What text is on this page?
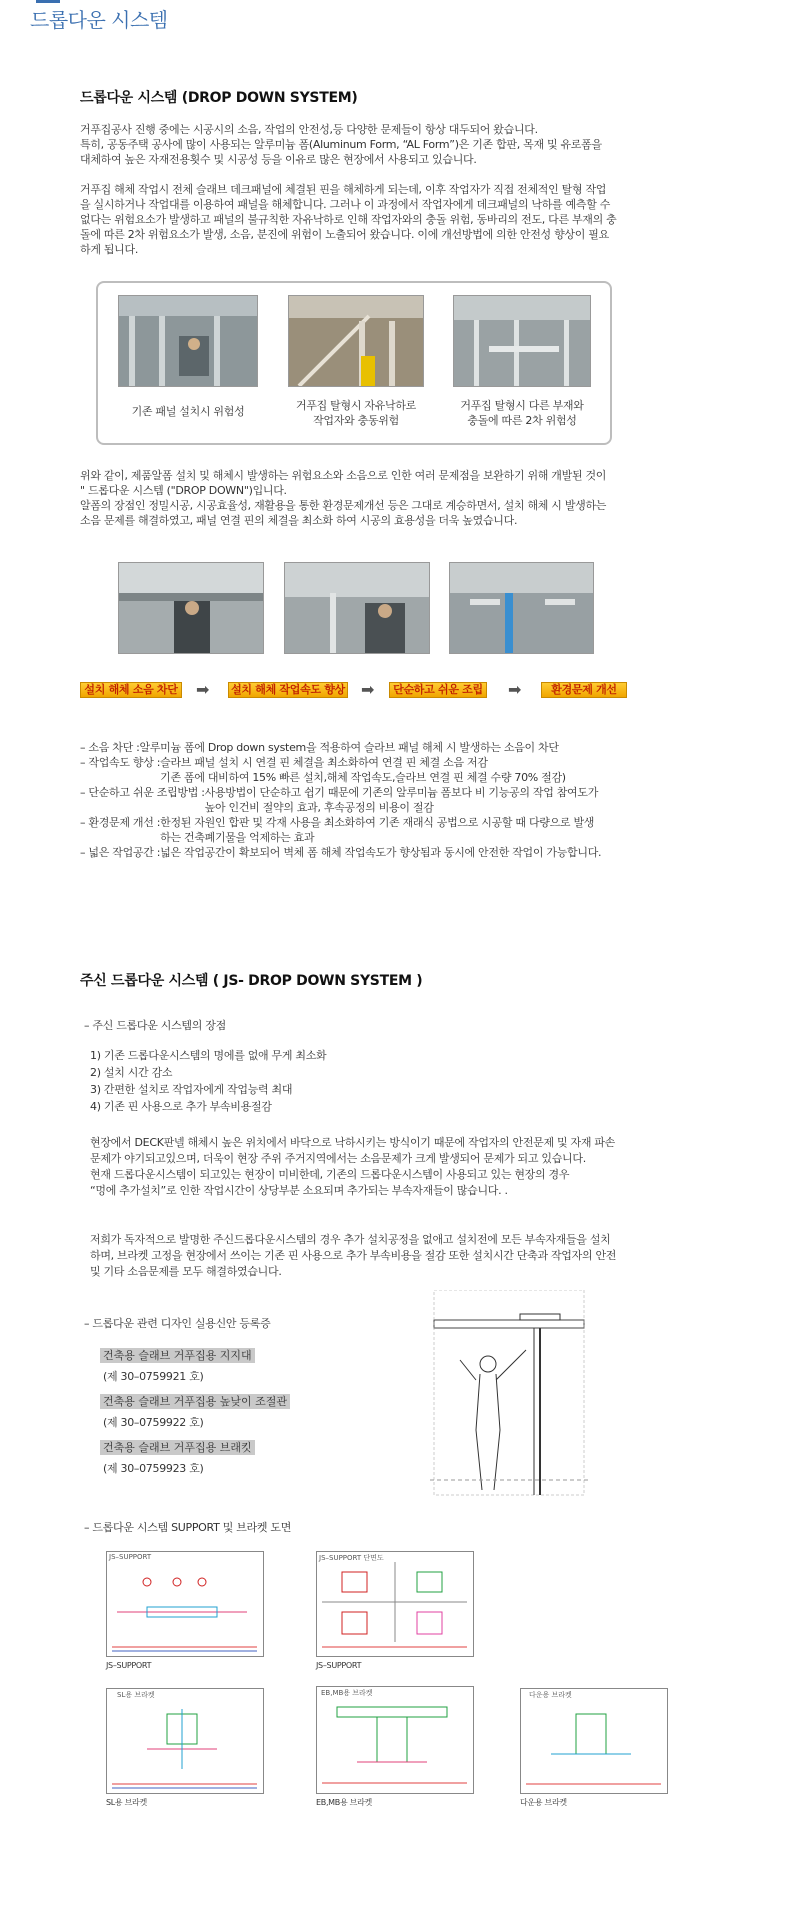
드롭다운 시스템
드롭다운 시스템 (DROP DOWN SYSTEM)

거푸집공사 진행 중에는 시공시의 소음, 작업의 안전성,등 다양한 문제들이 항상 대두되어 왔습니다.

특히, 공동주택 공사에 많이 사용되는 알루미늄 폼(Aluminum Form, “AL Form”)은 기존 합판, 목재 및 유로폼을

대체하여 높은 자재전용횟수 및 시공성 등을 이유로 많은 현장에서 사용되고 있습니다.

거푸집 해체 작업시 전체 슬래브 데크패널에 체결된 핀을 해체하게 되는데, 이후 작업자가 직접 전체적인 탈형 작업

을 실시하거나 작업대를 이용하여 패널을 해체합니다. 그러나 이 과정에서 작업자에게 데크패널의 낙하를 예측할 수

없다는 위험요소가 발생하고 패널의 불규칙한 자유낙하로 인해 작업자와의 충돌 위험, 동바리의 전도, 다른 부재의 충

돌에 따른 2차 위험요소가 발생, 소음, 분진에 위험이 노출되어 왔습니다. 이에 개선방법에 의한 안전성 향상이 필요

하게 됩니다.

기존 패널 설치시 위험성	거푸집 탈형시 자유낙하로
작업자와 충동위험
거푸집 탈형시 다른 부재와
충돌에 따른 2차 위험성

위와 같이, 제품알폼 설치 및 해체시 발생하는 위험요소와 소음으로 인한 여러 문제점을 보완하기 위해 개발된 것이

" 드롭다운 시스템 ("DROP DOWN")입니다.

알폼의 장점인 정밀시공, 시공효율성, 재활용을 통한 환경문제개선 등은 그대로 계승하면서, 설치 해체 시 발생하는

소음 문제를 해결하였고, 패널 연결 핀의 체결을 최소화 하여 시공의 효용성을 더욱 높였습니다.

설치 해체 소음 차단 ➡ 설치 해체 작업속도 향상 ➡	단순하고 쉬운 조립 ➡	환경문제 개선
– 소음 차단 : 알루미늄 폼에 Drop down system을 적용하여 슬라브 패널 해체 시 발생하는 소음이 차단
– 작업속도 향상 : 슬라브 패널 설치 시 연결 핀 체결을 최소화하여 연결 핀 체결 소음 저감
기존 폼에 대비하여 15% 빠른 설치,해체 작업속도,슬라브 연결 핀 체결 수량 70% 절감)
– 단순하고 쉬운 조립방법 : 사용방법이 단순하고 쉽기 때문에 기존의 알루미늄 폼보다 비 기능공의 작업 참여도가
높아 인건비 절약의 효과, 후속공정의 비용이 절감
– 환경문제 개선 : 한정된 자원인 합판 및 각재 사용을 최소화하여 기존 재래식 공법으로 시공할 때 다량으로 발생
하는 건축폐기물을 억제하는 효과
– 넓은 작업공간 : 넓은 작업공간이 확보되어 벽체 폼 해체 작업속도가 향상됨과 동시에 안전한 작업이 가능합니다.
주신 드롭다운 시스템 ( JS- DROP DOWN SYSTEM )
– 주신 드롭다운 시스템의 장점
1) 기존 드롭다운시스템의 명에를 없애 무게 최소화
2) 설치 시간 감소
3) 간편한 설치로 작업자에게 작업능력 최대
4) 기존 핀 사용으로 추가 부속비용절감

현장에서 DECK판넬 해체시 높은 위치에서 바닥으로 낙하시키는 방식이기 때문에 작업자의 안전문제 및 자재 파손

문제가 야기되고있으며, 더욱이 현장 주위 주거지역에서는 소음문제가 크게 발생되어 문제가 되고 있습니다.

현재 드롭다운시스템이 되고있는 현장이 미비한데, 기존의 드롭다운시스템이 사용되고 있는 현장의 경우

“멍에 추가설치”로 인한 작업시간이 상당부분 소요되며 추가되는 부속자재들이 많습니다. .

저희가 독자적으로 발명한 주신드롭다운시스템의 경우 추가 설치공정을 없애고 설치전에 모든 부속자재들을 설치

하며, 브라켓 고정을 현장에서 쓰이는 기존 핀 사용으로 추가 부속비용을 절감 또한 설치시간 단축과 작업자의 안전

및 기타 소음문제를 모두 해결하였습니다.

– 드롭다운 관련 디자인 실용신안 등록증
건축용 슬래브 거푸집용 지지대
(제 30–0759921 호)
건축용 슬래브 거푸집용 높낮이 조절관
(제 30–0759922 호)
건축용 슬래브 거푸집용 브래킷
(제 30–0759923 호)
– 드롭다운 시스템 SUPPORT 및 브라켓 도면
JS–SUPPORT
JS–SUPPORT
JS–SUPPORT 단면도
JS–SUPPORT
SL용 브라켓
SL용 브라켓
EB,MB용 브라켓
EB,MB용 브라켓
다운용 브라켓
다운용 브라켓
